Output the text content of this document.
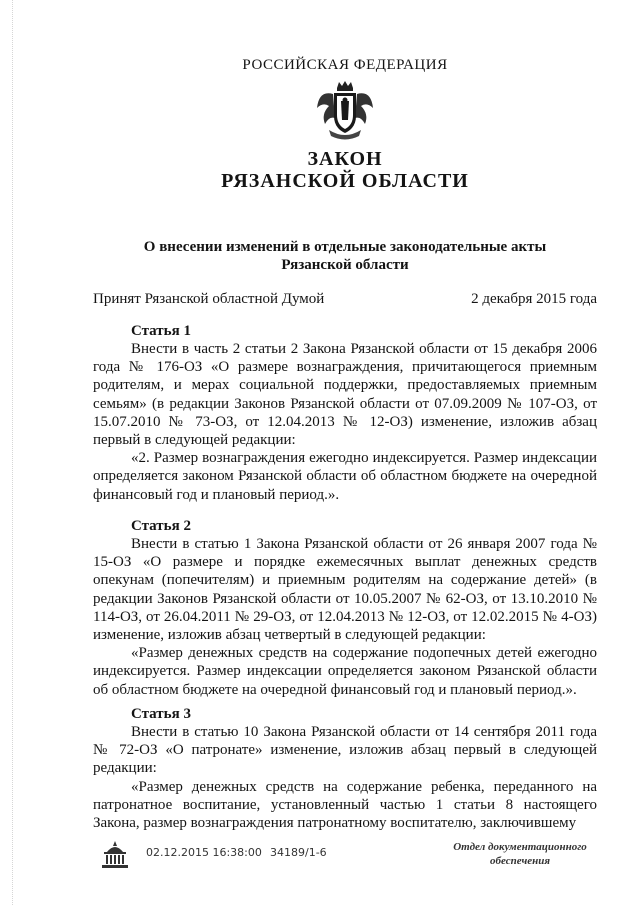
РОССИЙСКАЯ ФЕДЕРАЦИЯ
ЗАКОН
РЯЗАНСКОЙ ОБЛАСТИ
О внесении изменений в отдельные законодательные акты
Рязанской области
Принят Рязанской областной Думой	2 декабря 2015 года
Статья 1

Внести в часть 2 статьи 2 Закона Рязанской области от 15 декабря 2006 года № 176-ОЗ «О размере вознаграждения, причитающегося приемным родителям, и мерах социальной поддержки, предоставляемых приемным семьям» (в редакции Законов Рязанской области от 07.09.2009 № 107-ОЗ, от 15.07.2010 № 73-ОЗ, от 12.04.2013 № 12-ОЗ) изменение, изложив абзац первый в следующей редакции:

«2. Размер вознаграждения ежегодно индексируется. Размер индексации определяется законом Рязанской области об областном бюджете на очередной финансовый год и плановый период.».

Статья 2

Внести в статью 1 Закона Рязанской области от 26 января 2007 года № 15-ОЗ «О размере и порядке ежемесячных выплат денежных средств опекунам (попечителям) и приемным родителям на содержание детей» (в редакции Законов Рязанской области от 10.05.2007 № 62-ОЗ, от 13.10.2010 № 114-ОЗ, от 26.04.2011 № 29-ОЗ, от 12.04.2013 № 12-ОЗ, от 12.02.2015 № 4-ОЗ) изменение, изложив абзац четвертый в следующей редакции:

«Размер денежных средств на содержание подопечных детей ежегодно индексируется. Размер индексации определяется законом Рязанской области об областном бюджете на очередной финансовый год и плановый период.».

Статья 3

Внести в статью 10 Закона Рязанской области от 14 сентября 2011 года № 72-ОЗ «О патронате» изменение, изложив абзац первый в следующей редакции:

«Размер денежных средств на содержание ребенка, переданного на патронатное воспитание, установленный частью 1 статьи 8 настоящего Закона, размер вознаграждения патронатному воспитателю, заключившему

02.12.2015 16:38:00 34189/1-6	Отдел документационного
обеспечения
